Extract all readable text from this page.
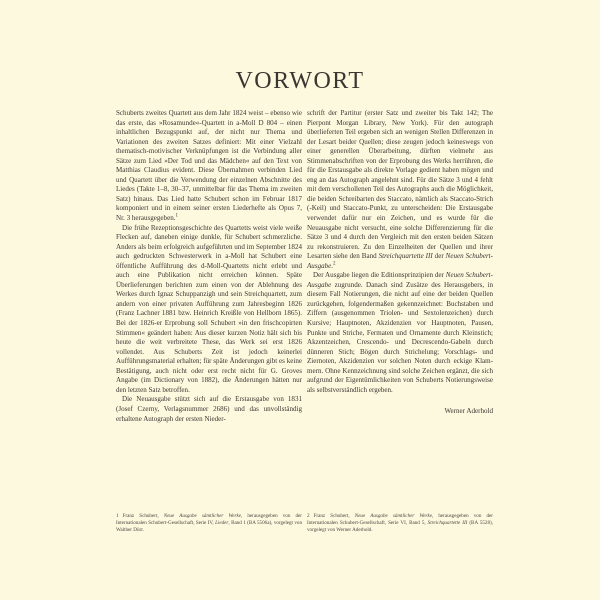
VORWORT

Schuberts zweites Quartett aus dem Jahr 1824 weist – ebenso wie das erste, das »Rosamunde«-Quartett in a-Moll D 804 – einen inhaltlichen Bezugspunkt auf, der nicht nur Thema und Variationen des zweiten Satzes definiert: Mit einer Vielzahl thematisch-motivischer Verknüpfungen ist die Verbindung aller Sätze zum Lied »Der Tod und das Mädchen« auf den Text von Matthias Claudius evident. Diese Übernahmen verbinden Lied und Quartett über die Verwendung der einzelnen Abschnitte des Liedes (Takte 1–8, 30–37, unmittelbar für das Thema im zweiten Satz) hinaus. Das Lied hatte Schubert schon im Februar 1817 komponiert und in einem seiner ersten Liederhefte als Opus 7, Nr. 3 herausgegeben.$^1$

Die frühe Rezeptionsgeschichte des Quartetts weist viele weiße Flecken auf, daneben einige dunkle, für Schubert schmerzliche. Anders als beim erfolgreich aufgeführten und im September 1824 auch gedruckten Schwesterwerk in a-Moll hat Schubert eine öffentliche Aufführung des d-Moll-Quartetts nicht erlebt und auch eine Publikation nicht erreichen können. Späte Überlieferungen berichten zum einen von der Ablehnung des Werkes durch Ignaz Schuppanzigh und sein Streichquartett, zum andern von einer privaten Aufführung zum Jahresbeginn 1826 (Franz Lachner 1881 bzw. Heinrich Kreißle von Hellborn 1865). Bei der 1826-er Erprobung soll Schubert »in den frischcopirten Stimmen« geändert haben: Aus dieser kurzen Notiz hält sich bis heute die weit verbreitete These, das Werk sei erst 1826 vollendet. Aus Schuberts Zeit ist jedoch keinerlei Aufführungsmaterial erhalten; für späte Änderungen gibt es keine Bestätigung, auch nicht oder erst recht nicht für G. Groves Angabe (im Dictionary von 1882), die Änderungen hätten nur den letzten Satz betroffen.

Die Neuausgabe stützt sich auf die Erstausgabe von 1831 (Josef Czerny, Verlagsnummer 2686) und das unvollständig erhaltene Autograph der ersten Nieder-

schrift der Partitur (erster Satz und zweiter bis Takt 142; The Pierpont Morgan Library, New York). Für den autograph überlieferten Teil ergeben sich an wenigen Stellen Differenzen in der Lesart beider Quellen; diese zeugen jedoch keineswegs von einer generellen Überarbeitung, dürften vielmehr aus Stimmenabschriften von der Erprobung des Werks herrühren, die für die Erstausgabe als direkte Vorlage gedient haben mögen und eng an das Autograph angelehnt sind. Für die Sätze 3 und 4 fehlt mit dem verschollenen Teil des Autographs auch die Möglichkeit, die beiden Schreibarten des Staccato, nämlich als Staccato-Strich (-Keil) und Staccato-Punkt, zu unterscheiden: Die Erstausgabe verwendet dafür nur ein Zeichen, und es wurde für die Neuausgabe nicht versucht, eine solche Differenzierung für die Sätze 3 und 4 durch den Vergleich mit den ersten beiden Sätzen zu rekonstruieren. Zu den Einzelheiten der Quellen und ihrer Lesarten siehe den Band Streichquartette III der Neuen Schubert-Ausgabe.$^2$

Der Ausgabe liegen die Editionsprinzipien der Neuen Schubert-Ausgabe zugrunde. Danach sind Zusätze des Herausgebers, in diesem Fall Notierungen, die nicht auf eine der beiden Quellen zurückgehen, folgendermaßen gekennzeichnet: Buchstaben und Ziffern (ausgenommen Triolen- und Sextolenzeichen) durch Kursive; Hauptnoten, Akzidenzien vor Hauptnoten, Pausen, Punkte und Striche, Fermaten und Ornamente durch Kleinstich; Akzentzeichen, Crescendo- und Decrescendo-Gabeln durch dünneren Stich; Bögen durch Strichelung; Vorschlags- und Ziernoten, Akzidenzien vor solchen Noten durch eckige Klammern. Ohne Kennzeichnung sind solche Zeichen ergänzt, die sich aufgrund der Eigentümlichkeiten von Schuberts Notierungsweise als selbstverständlich ergeben.

Werner Aderhold

1 Franz Schubert, Neue Ausgabe sämtlicher Werke, herausgegeben von der Internationalen Schubert-Gesellschaft, Serie IV, Lieder, Band 1 (BA 5506a), vorgelegt von Walther Dürr.
2 Franz Schubert, Neue Ausgabe sämtlicher Werke, herausgegeben von der Internationalen Schubert-Gesellschaft, Serie VI, Band 5, Streichquartette III (BA 5528), vorgelegt von Werner Aderhold.
